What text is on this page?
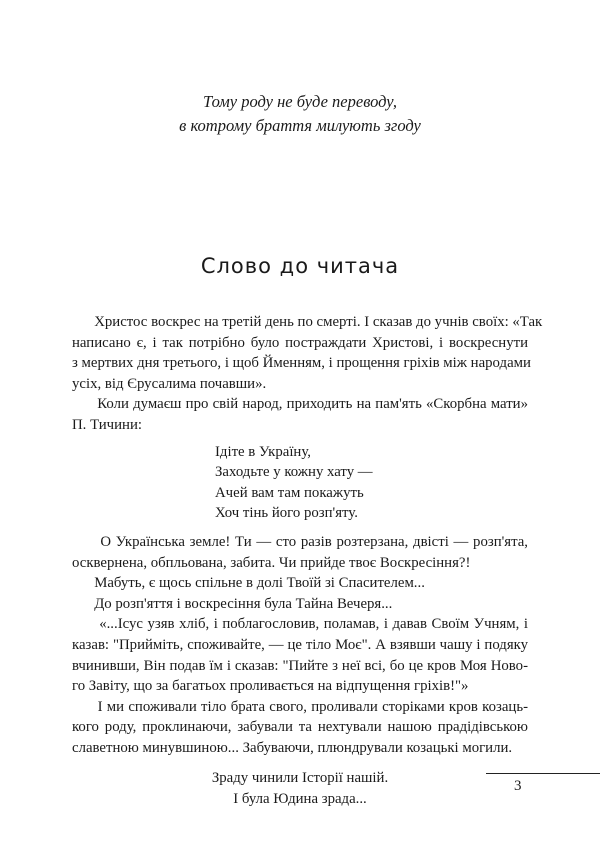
Тому роду не буде переводу,
в котрому браття милують згоду
Слово до читача

Христос воскрес на третій день по смерті. І сказав до учнів своїх: «Так
написано є, і так потрібно було постраждати Христові, і воскреснути
з мертвих дня третього, і щоб Йменням, і прощення гріхів між народами
усіх, від Єрусалима почавши».

Коли думаєш про свій народ, приходить на пам'ять «Скорбна мати»
П. Тичини:

Ідіте в Україну,
Заходьте у кожну хату —
Ачей вам там покажуть
Хоч тінь його розп'яту.

О Українська земле! Ти — сто разів розтерзана, двісті — розп'ята,
осквернена, обпльована, забита. Чи прийде твоє Воскресіння?!

Мабуть, є щось спільне в долі Твоїй зі Спасителем...

До розп'яття і воскресіння була Тайна Вечеря...

«...Ісус узяв хліб, і поблагословив, поламав, і давав Своїм Учням, і
казав: "Прийміть, споживайте, — це тіло Моє". А взявши чашу і подяку
вчинивши, Він подав їм і сказав: "Пийте з неї всі, бо це кров Моя Ново-
го Завіту, що за багатьох проливається на відпущення гріхів!"»

І ми споживали тіло брата свого, проливали сторіками кров козаць-
кого роду, проклинаючи, забували та нехтували нашою прадідівською
славетною минувшиною... Забуваючи, плюндрували козацькі могили.

Зраду чинили Історії нашій.
І була Юдина зрада...
3
